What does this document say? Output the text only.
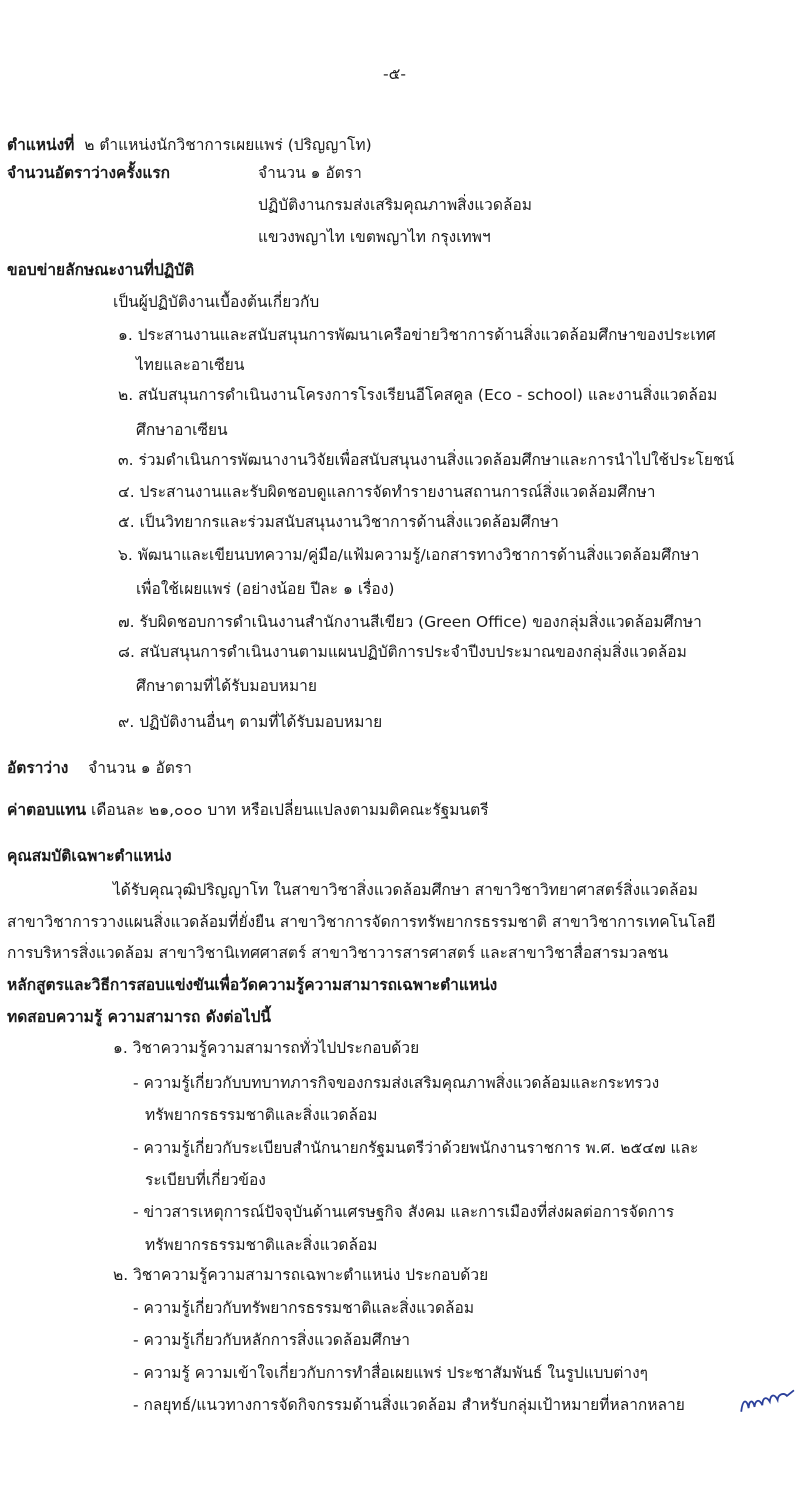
-๕-
ตำแหน่งที่ ๒ ตำแหน่งนักวิชาการเผยแพร่ (ปริญญาโท)
จำนวนอัตราว่างครั้งแรก	จำนวน ๑ อัตรา
ปฏิบัติงานกรมส่งเสริมคุณภาพสิ่งแวดล้อม
แขวงพญาไท เขตพญาไท กรุงเทพฯ
ขอบข่ายลักษณะงานที่ปฏิบัติ
เป็นผู้ปฏิบัติงานเบื้องต้นเกี่ยวกับ
๑. ประสานงานและสนับสนุนการพัฒนาเครือข่ายวิชาการด้านสิ่งแวดล้อมศึกษาของประเทศ
ไทยและอาเซียน
๒. สนับสนุนการดำเนินงานโครงการโรงเรียนอีโคสคูล (Eco - school) และงานสิ่งแวดล้อม
ศึกษาอาเซียน
๓. ร่วมดำเนินการพัฒนางานวิจัยเพื่อสนับสนุนงานสิ่งแวดล้อมศึกษาและการนำไปใช้ประโยชน์
๔. ประสานงานและรับผิดชอบดูแลการจัดทำรายงานสถานการณ์สิ่งแวดล้อมศึกษา
๕. เป็นวิทยากรและร่วมสนับสนุนงานวิชาการด้านสิ่งแวดล้อมศึกษา
๖. พัฒนาและเขียนบทความ/คู่มือ/แฟ้มความรู้/เอกสารทางวิชาการด้านสิ่งแวดล้อมศึกษา
เพื่อใช้เผยแพร่ (อย่างน้อย ปีละ ๑ เรื่อง)
๗. รับผิดชอบการดำเนินงานสำนักงานสีเขียว (Green Office) ของกลุ่มสิ่งแวดล้อมศึกษา
๘. สนับสนุนการดำเนินงานตามแผนปฏิบัติการประจำปีงบประมาณของกลุ่มสิ่งแวดล้อม
ศึกษาตามที่ได้รับมอบหมาย
๙. ปฏิบัติงานอื่นๆ ตามที่ได้รับมอบหมาย
อัตราว่าง จำนวน ๑ อัตรา
ค่าตอบแทน เดือนละ ๒๑,๐๐๐ บาท หรือเปลี่ยนแปลงตามมติคณะรัฐมนตรี
คุณสมบัติเฉพาะตำแหน่ง
ได้รับคุณวุฒิปริญญาโท ในสาขาวิชาสิ่งแวดล้อมศึกษา สาขาวิชาวิทยาศาสตร์สิ่งแวดล้อม
สาขาวิชาการวางแผนสิ่งแวดล้อมที่ยั่งยืน สาขาวิชาการจัดการทรัพยากรธรรมชาติ สาขาวิชาการเทคโนโลยี
การบริหารสิ่งแวดล้อม สาขาวิชานิเทศศาสตร์ สาขาวิชาวารสารศาสตร์ และสาขาวิชาสื่อสารมวลชน
หลักสูตรและวิธีการสอบแข่งขันเพื่อวัดความรู้ความสามารถเฉพาะตำแหน่ง
ทดสอบความรู้ ความสามารถ ดังต่อไปนี้
๑. วิชาความรู้ความสามารถทั่วไปประกอบด้วย
- ความรู้เกี่ยวกับบทบาทภารกิจของกรมส่งเสริมคุณภาพสิ่งแวดล้อมและกระทรวง
ทรัพยากรธรรมชาติและสิ่งแวดล้อม
- ความรู้เกี่ยวกับระเบียบสำนักนายกรัฐมนตรีว่าด้วยพนักงานราชการ พ.ศ. ๒๕๔๗ และ
ระเบียบที่เกี่ยวข้อง
- ข่าวสารเหตุการณ์ปัจจุบันด้านเศรษฐกิจ สังคม และการเมืองที่ส่งผลต่อการจัดการ
ทรัพยากรธรรมชาติและสิ่งแวดล้อม
๒. วิชาความรู้ความสามารถเฉพาะตำแหน่ง ประกอบด้วย
- ความรู้เกี่ยวกับทรัพยากรธรรมชาติและสิ่งแวดล้อม
- ความรู้เกี่ยวกับหลักการสิ่งแวดล้อมศึกษา
- ความรู้ ความเข้าใจเกี่ยวกับการทำสื่อเผยแพร่ ประชาสัมพันธ์ ในรูปแบบต่างๆ
- กลยุทธ์/แนวทางการจัดกิจกรรมด้านสิ่งแวดล้อม สำหรับกลุ่มเป้าหมายที่หลากหลาย
